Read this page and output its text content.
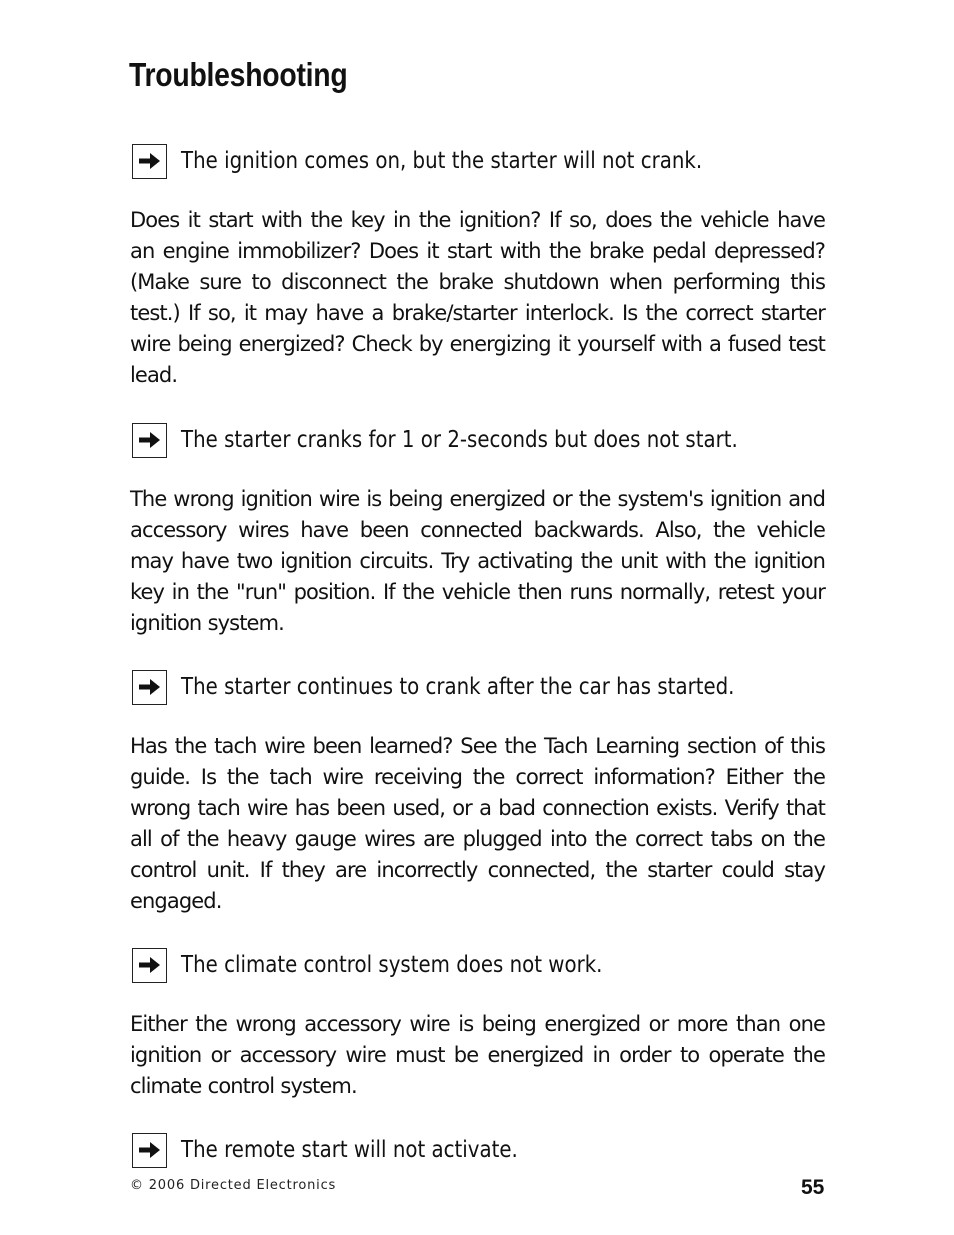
Troubleshooting
The ignition comes on, but the starter will not crank.

Does it start with the key in the ignition? If so, does the vehicle have an engine immobilizer? Does it start with the brake pedal depressed? (Make sure to disconnect the brake shutdown when performing this test.) If so, it may have a brake/starter interlock. Is the correct starter wire being energized? Check by energizing it yourself with a fused test lead.

The starter cranks for 1 or 2-seconds but does not start.

The wrong ignition wire is being energized or the system's ignition and accessory wires have been connected backwards. Also, the vehicle may have two ignition circuits. Try activating the unit with the ignition key in the "run" position. If the vehicle then runs normally, retest your ignition system.

The starter continues to crank after the car has started.

Has the tach wire been learned? See the Tach Learning section of this guide. Is the tach wire receiving the correct information? Either the wrong tach wire has been used, or a bad connection exists. Verify that all of the heavy gauge wires are plugged into the correct tabs on the control unit. If they are incorrectly connected, the starter could stay engaged.

The climate control system does not work.

Either the wrong accessory wire is being energized or more than one ignition or accessory wire must be energized in order to operate the climate control system.

The remote start will not activate.
© 2006 Directed Electronics	55
